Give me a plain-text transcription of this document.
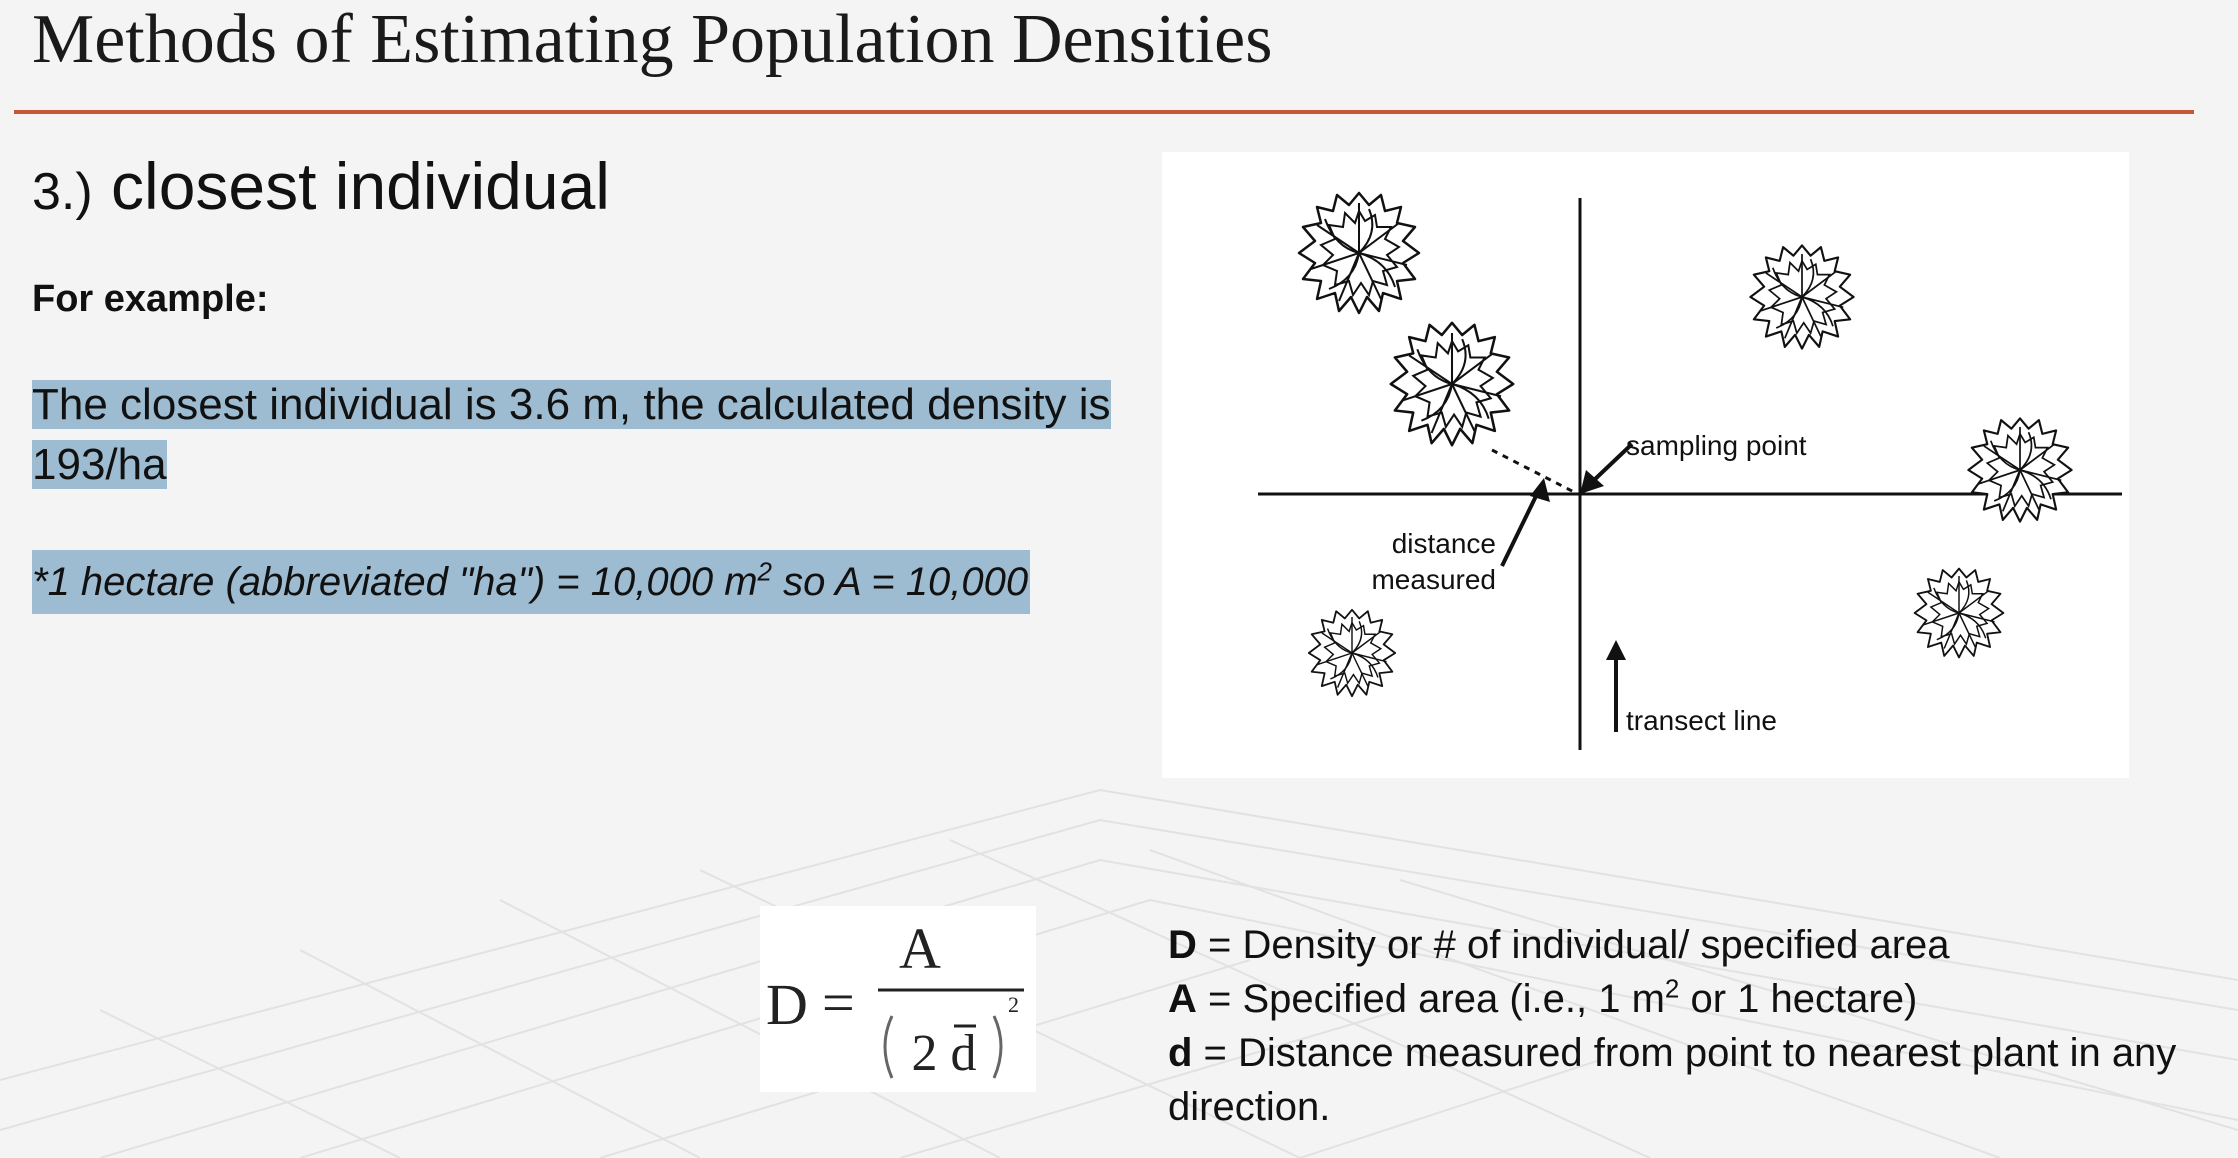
Methods of Estimating Population Densities
3.) closest individual
For example:
The closest individual is 3.6 m, the calculated density is 193/ha
*1 hectare (abbreviated "ha") = 10,000 $m^2$ so A = 10,000
sampling point
distance
measured
transect line
D =
A
2 d
2
D = Density or # of individual/ specified area
A = Specified area (i.e., 1 $m^2$ or 1 hectare)
d = Distance measured from point to nearest plant in any direction.
